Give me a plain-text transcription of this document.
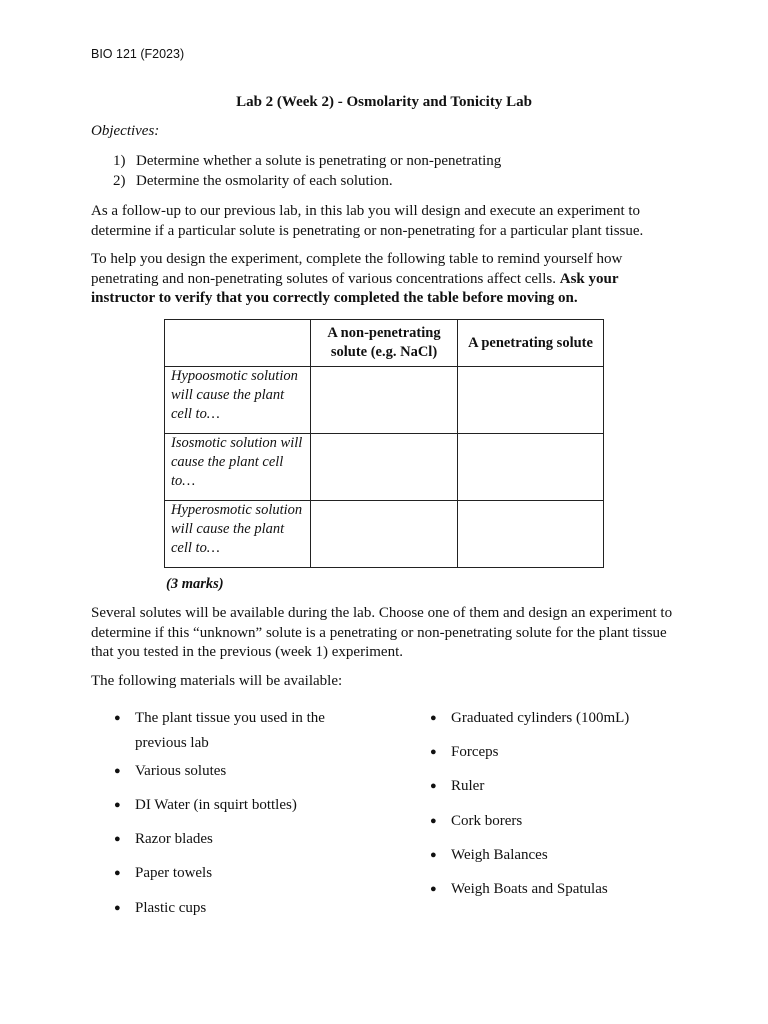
BIO 121 (F2023)
Lab 2 (Week 2) - Osmolarity and Tonicity Lab
Objectives:
1) Determine whether a solute is penetrating or non-penetrating
2) Determine the osmolarity of each solution.
As a follow-up to our previous lab, in this lab you will design and execute an experiment to determine if a particular solute is penetrating or non-penetrating for a particular plant tissue.
To help you design the experiment, complete the following table to remind yourself how penetrating and non-penetrating solutes of various concentrations affect cells. Ask your instructor to verify that you correctly completed the table before moving on.
	A non-penetrating solute (e.g. NaCl)	A penetrating solute
Hypoosmotic solution will cause the plant cell to…		
Isosmotic solution will cause the plant cell to…		
Hyperosmotic solution will cause the plant cell to…		
(3 marks)
Several solutes will be available during the lab. Choose one of them and design an experiment to determine if this “unknown” solute is a penetrating or non-penetrating solute for the plant tissue that you tested in the previous (week 1) experiment.
The following materials will be available:
● The plant tissue you used in the previous lab
● Various solutes
● DI Water (in squirt bottles)
● Razor blades
● Paper towels
● Plastic cups
● Graduated cylinders (100mL)
● Forceps
● Ruler
● Cork borers
● Weigh Balances
● Weigh Boats and Spatulas
